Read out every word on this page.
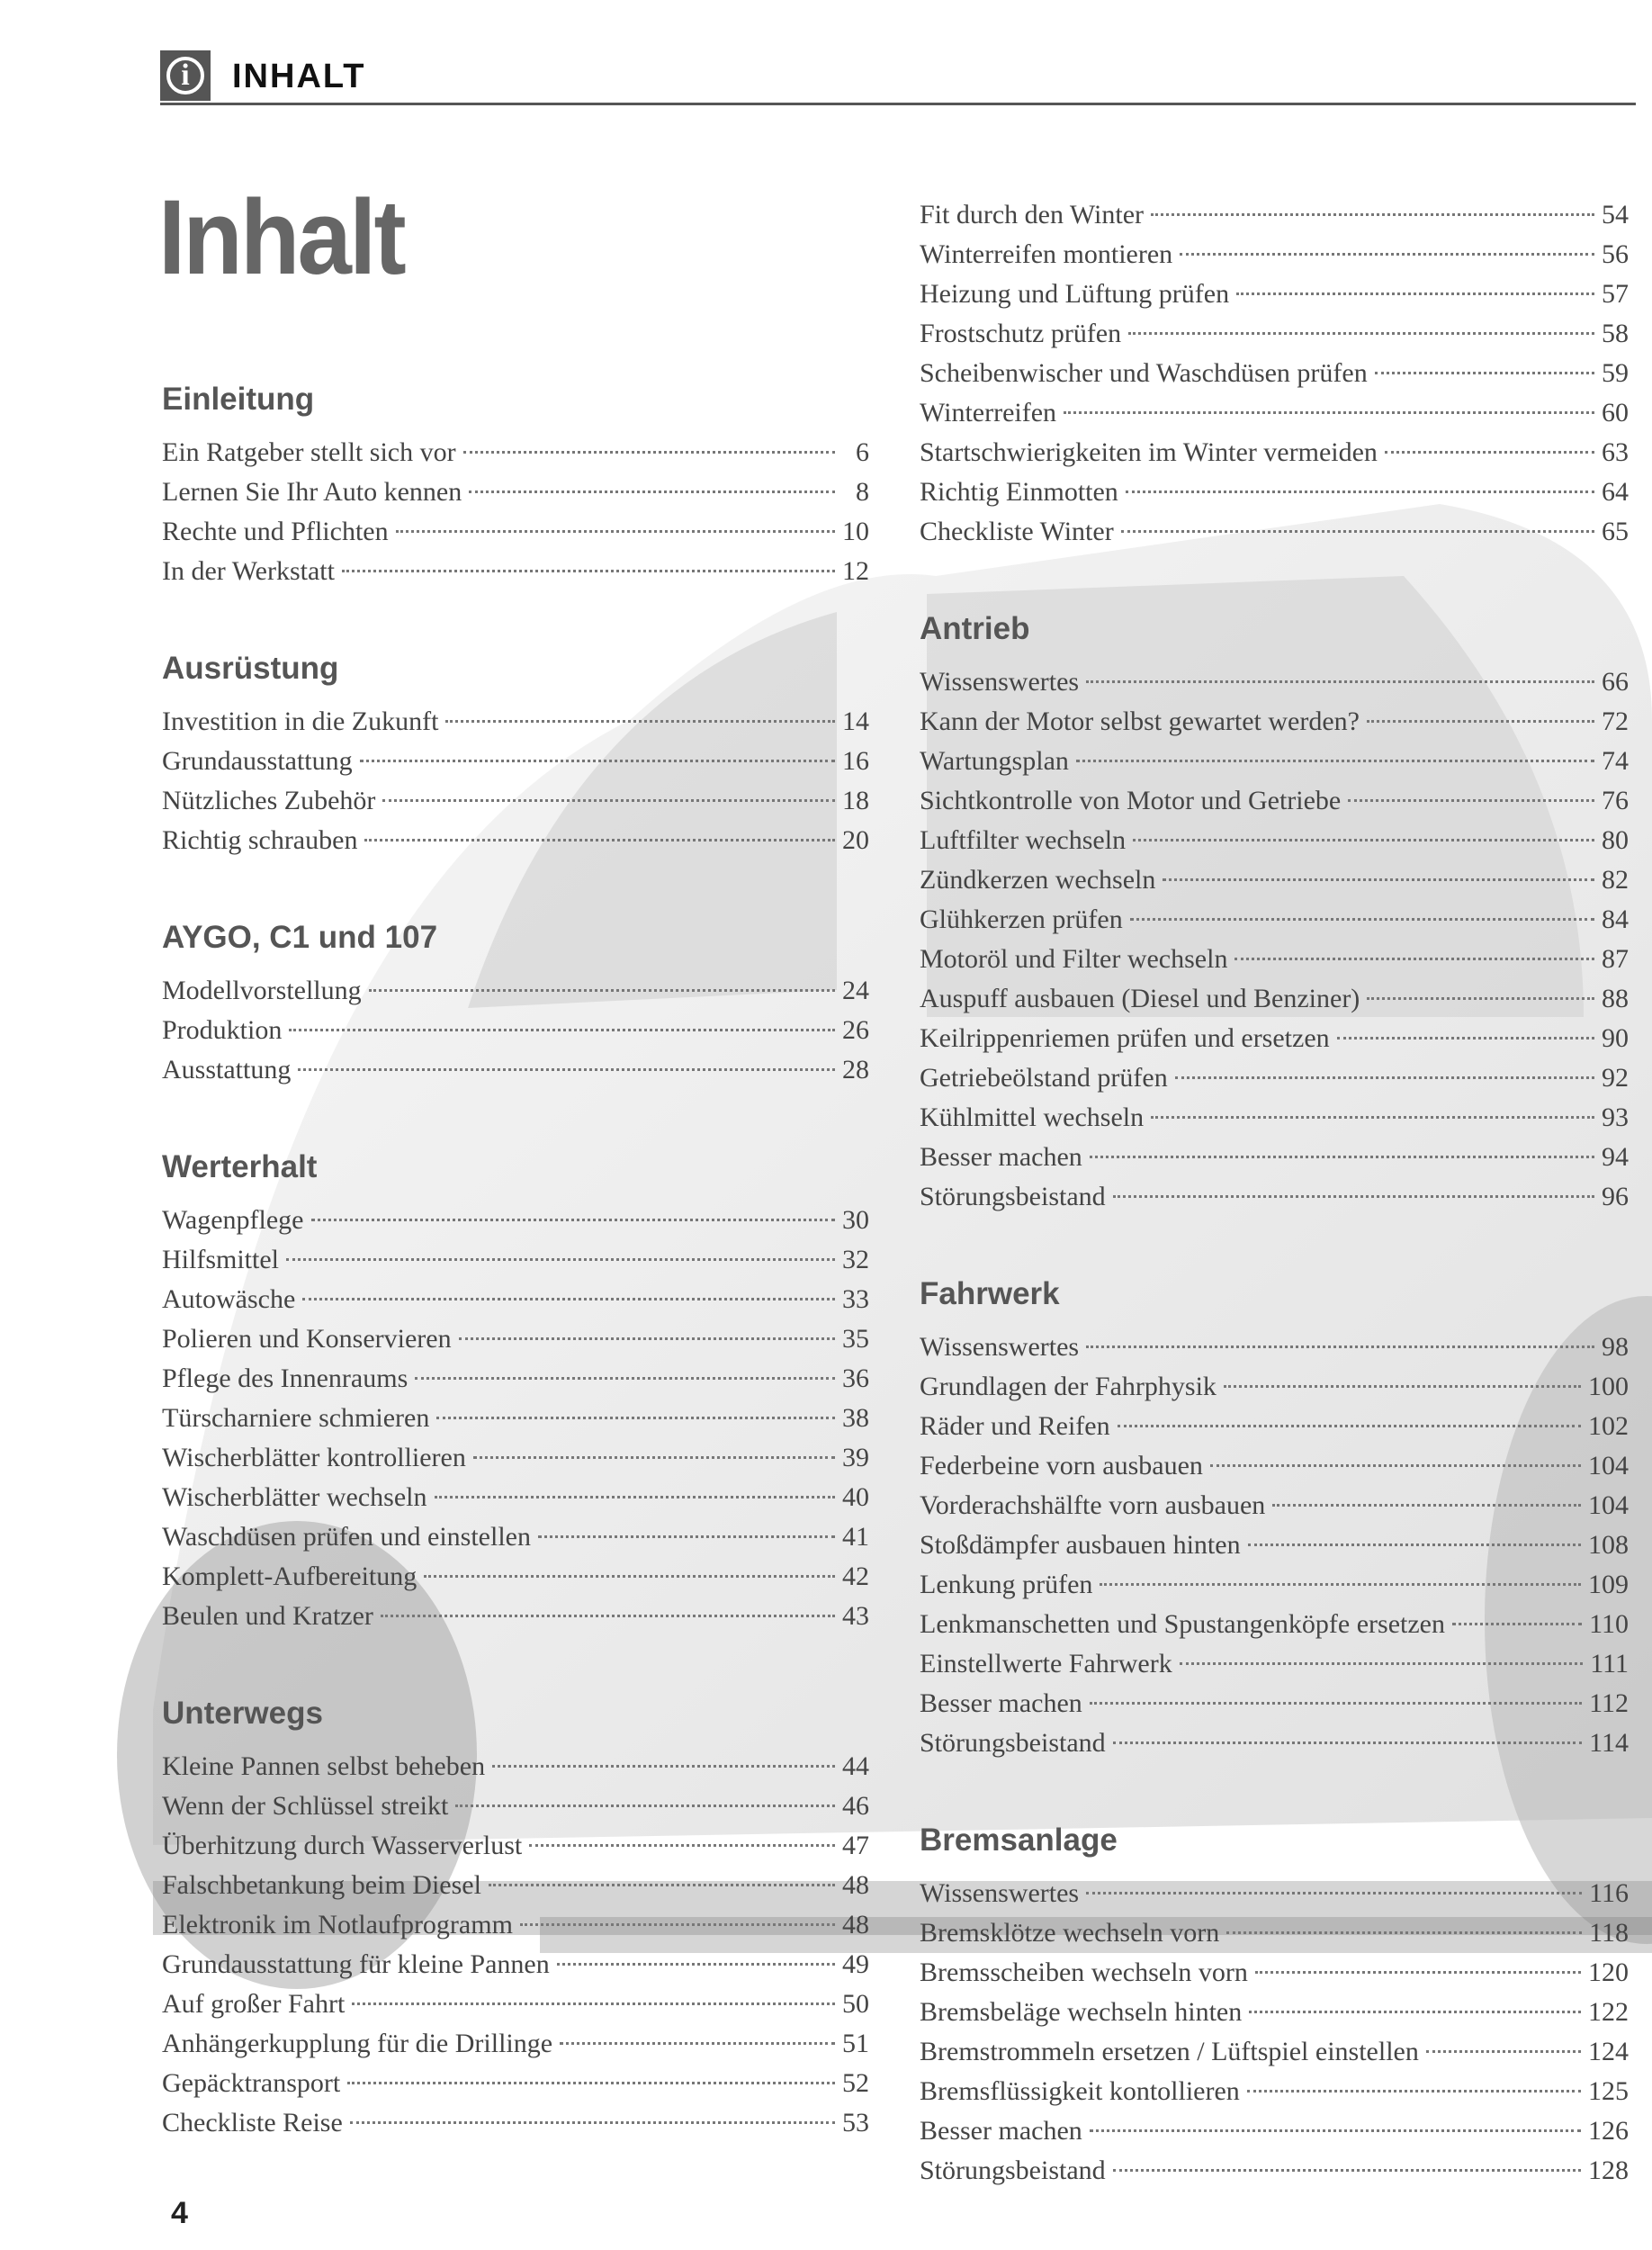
i	INHALT
Inhalt
Einleitung
Ein Ratgeber stellt sich vor	6
Lernen Sie Ihr Auto kennen	8
Rechte und Pflichten	10
In der Werkstatt	12
Ausrüstung
Investition in die Zukunft	14
Grundausstattung	16
Nützliches Zubehör	18
Richtig schrauben	20
AYGO, C1 und 107
Modellvorstellung	24
Produktion	26
Ausstattung	28
Werterhalt
Wagenpflege	30
Hilfsmittel	32
Autowäsche	33
Polieren und Konservieren	35
Pflege des Innenraums	36
Türscharniere schmieren	38
Wischerblätter kontrollieren	39
Wischerblätter wechseln	40
Waschdüsen prüfen und einstellen	41
Komplett-Aufbereitung	42
Beulen und Kratzer	43
Unterwegs
Kleine Pannen selbst beheben	44
Wenn der Schlüssel streikt	46
Überhitzung durch Wasserverlust	47
Falschbetankung beim Diesel	48
Elektronik im Notlaufprogramm	48
Grundausstattung für kleine Pannen	49
Auf großer Fahrt	50
Anhängerkupplung für die Drillinge	51
Gepäcktransport	52
Checkliste Reise	53
Fit durch den Winter	54
Winterreifen montieren	56
Heizung und Lüftung prüfen	57
Frostschutz prüfen	58
Scheibenwischer und Waschdüsen prüfen	59
Winterreifen	60
Startschwierigkeiten im Winter vermeiden	63
Richtig Einmotten	64
Checkliste Winter	65
Antrieb
Wissenswertes	66
Kann der Motor selbst gewartet werden?	72
Wartungsplan	74
Sichtkontrolle von Motor und Getriebe	76
Luftfilter wechseln	80
Zündkerzen wechseln	82
Glühkerzen prüfen	84
Motoröl und Filter wechseln	87
Auspuff ausbauen (Diesel und Benziner)	88
Keilrippenriemen prüfen und ersetzen	90
Getriebeölstand prüfen	92
Kühlmittel wechseln	93
Besser machen	94
Störungsbeistand	96
Fahrwerk
Wissenswertes	98
Grundlagen der Fahrphysik	100
Räder und Reifen	102
Federbeine vorn ausbauen	104
Vorderachshälfte vorn ausbauen	104
Stoßdämpfer ausbauen hinten	108
Lenkung prüfen	109
Lenkmanschetten und Spustangenköpfe ersetzen	110
Einstellwerte Fahrwerk	111
Besser machen	112
Störungsbeistand	114
Bremsanlage
Wissenswertes	116
Bremsklötze wechseln vorn	118
Bremsscheiben wechseln vorn	120
Bremsbeläge wechseln hinten	122
Bremstrommeln ersetzen / Lüftspiel einstellen	124
Bremsflüssigkeit kontollieren	125
Besser machen	126
Störungsbeistand	128
4
